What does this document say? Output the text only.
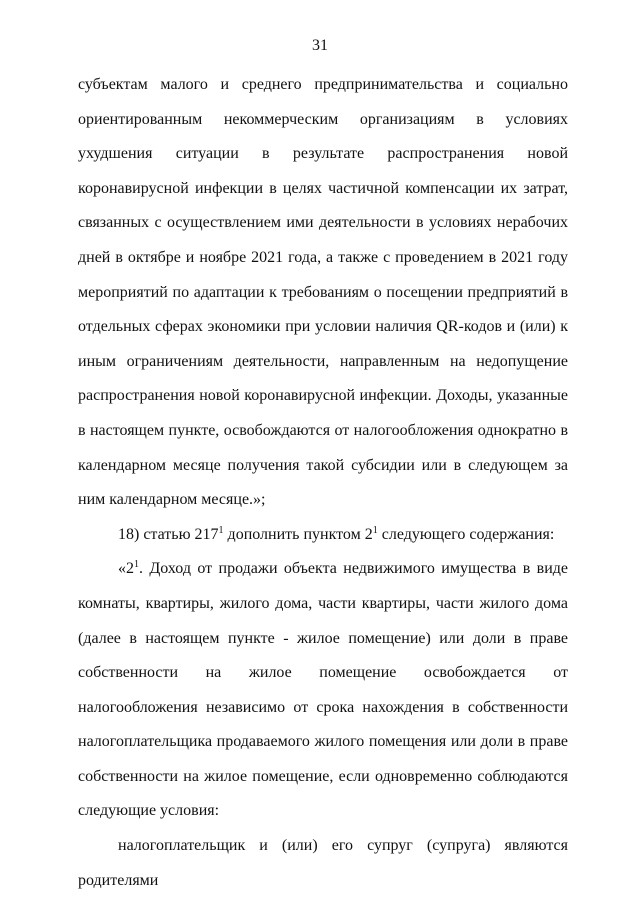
31

субъектам малого и среднего предпринимательства и социально ориентированным некоммерческим организациям в условиях ухудшения ситуации в результате распространения новой коронавирусной инфекции в целях частичной компенсации их затрат, связанных с осуществлением ими деятельности в условиях нерабочих дней в октябре и ноябре 2021 года, а также с проведением в 2021 году мероприятий по адаптации к требованиям о посещении предприятий в отдельных сферах экономики при условии наличия QR-кодов и (или) к иным ограничениям деятельности, направленным на недопущение распространения новой коронавирусной инфекции. Доходы, указанные в настоящем пункте, освобождаются от налогообложения однократно в календарном месяце получения такой субсидии или в следующем за ним календарном месяце.»;

18) статью $217^1$ дополнить пунктом $2^1$ следующего содержания:

«$2^1$. Доход от продажи объекта недвижимого имущества в виде комнаты, квартиры, жилого дома, части квартиры, части жилого дома (далее в настоящем пункте - жилое помещение) или доли в праве собственности на жилое помещение освобождается от налогообложения независимо от срока нахождения в собственности налогоплательщика продаваемого жилого помещения или доли в праве собственности на жилое помещение, если одновременно соблюдаются следующие условия:

налогоплательщик и (или) его супруг (супруга) являются родителями
